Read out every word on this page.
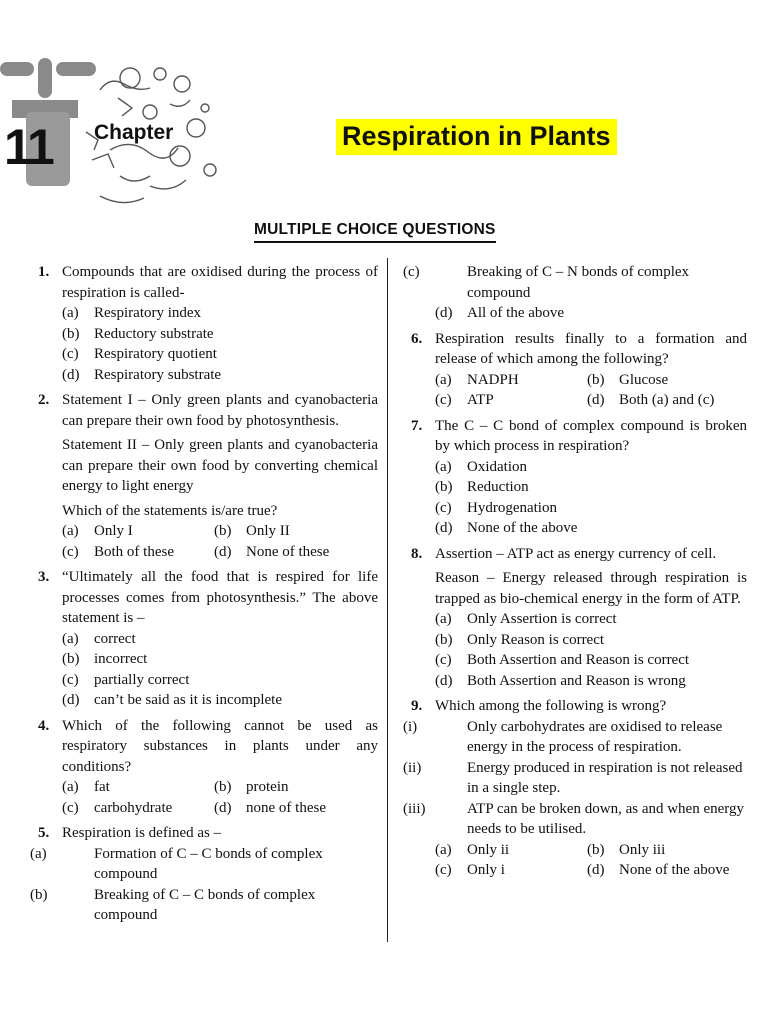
11 Chapter	Respiration in Plants
MULTIPLE CHOICE QUESTIONS
1. Compounds that are oxidised during the process of respiration is called-
(a) Respiratory index
(b) Reductory substrate
(c) Respiratory quotient
(d) Respiratory substrate
2. Statement I – Only green plants and cyanobacteria can prepare their own food by photosynthesis.
Statement II – Only green plants and cyanobacteria can prepare their own food by converting chemical energy to light energy
Which of the statements is/are true?
(a) Only I	(b) Only II
(c) Both of these	(d) None of these
3. “Ultimately all the food that is respired for life processes comes from photosynthesis.” The above statement is –
(a) correct
(b) incorrect
(c) partially correct
(d) can’t be said as it is incomplete
4. Which of the following cannot be used as respiratory substances in plants under any conditions?
(a) fat	(b) protein
(c) carbohydrate	(d) none of these
5. Respiration is defined as –
(a)	Formation of C – C bonds of complex compound
(b)	Breaking of C – C bonds of complex compound
(c)	Breaking of C – N bonds of complex compound
(d) All of the above
6. Respiration results finally to a formation and release of which among the following?
(a) NADPH	(b) Glucose
(c) ATP	(d) Both (a) and (c)
7. The C – C bond of complex compound is broken by which process in respiration?
(a) Oxidation
(b) Reduction
(c) Hydrogenation
(d) None of the above
8. Assertion – ATP act as energy currency of cell.
Reason – Energy released through respiration is trapped as bio-chemical energy in the form of ATP.
(a) Only Assertion is correct
(b) Only Reason is correct
(c) Both Assertion and Reason is correct
(d) Both Assertion and Reason is wrong
9. Which among the following is wrong?
(i)	Only carbohydrates are oxidised to release energy in the process of respiration.
(ii)	Energy produced in respiration is not released in a single step.
(iii)	ATP can be broken down, as and when energy needs to be utilised.
(a) Only ii	(b) Only iii
(c) Only i	(d) None of the above
